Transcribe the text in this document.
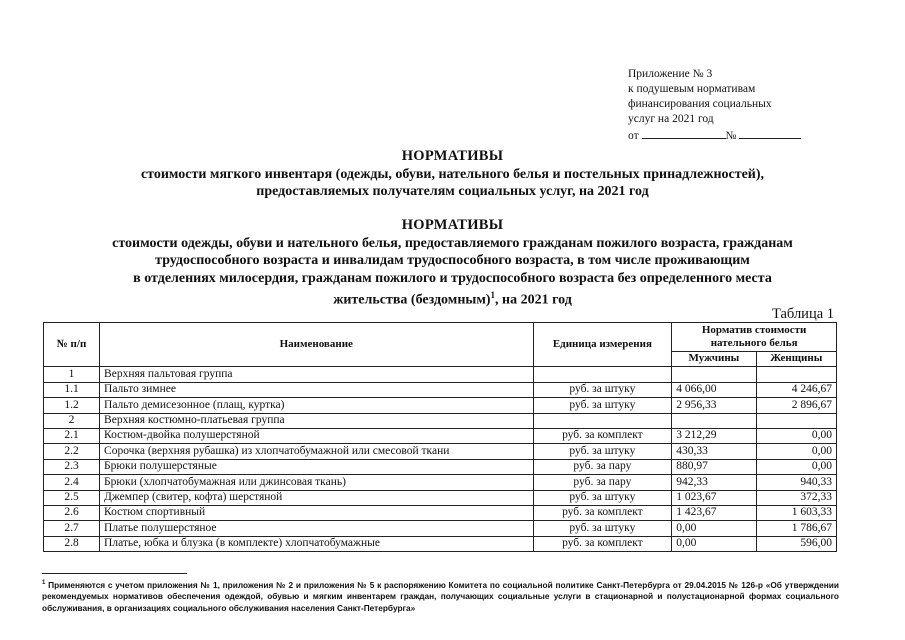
Приложение № 3
к подушевым нормативам
финансирования социальных
услуг на 2021 год
от	№
НОРМАТИВЫ
стоимости мягкого инвентаря (одежды, обуви, нательного белья и постельных принадлежностей),
предоставляемых получателям социальных услуг, на 2021 год
НОРМАТИВЫ
стоимости одежды, обуви и нательного белья, предоставляемого гражданам пожилого возраста, гражданам
трудоспособного возраста и инвалидам трудоспособного возраста, в том числе проживающим
в отделениях милосердия, гражданам пожилого и трудоспособного возраста без определенного места
жительства (бездомным)$^1$, на 2021 год
Таблица 1
№ п/п	Наименование	Единица измерения	Норматив стоимости нательного белья	
			Мужчины	Женщины
1	Верхняя пальтовая группа			
1.1	Пальто зимнее	руб. за штуку	4 066,00	4 246,67
1.2	Пальто демисезонное (плащ, куртка)	руб. за штуку	2 956,33	2 896,67
2	Верхняя костюмно-платьевая группа			
2.1	Костюм-двойка полушерстяной	руб. за комплект	3 212,29	0,00
2.2	Сорочка (верхняя рубашка) из хлопчатобумажной или смесовой ткани	руб. за штуку	430,33	0,00
2.3	Брюки полушерстяные	руб. за пару	880,97	0,00
2.4	Брюки (хлопчатобумажная или джинсовая ткань)	руб. за пару	942,33	940,33
2.5	Джемпер (свитер, кофта) шерстяной	руб. за штуку	1 023,67	372,33
2.6	Костюм спортивный	руб. за комплект	1 423,67	1 603,33
2.7	Платье полушерстяное	руб. за штуку	0,00	1 786,67
2.8	Платье, юбка и блузка (в комплекте) хлопчатобумажные	руб. за комплект	0,00	596,00
$^1$ Применяются с учетом приложения № 1, приложения № 2 и приложения № 5 к распоряжению Комитета по социальной политике Санкт-Петербурга от 29.04.2015 № 126-р «Об утверждении рекомендуемых нормативов обеспечения одеждой, обувью и мягким инвентарем граждан, получающих социальные услуги в стационарной и полустационарной формах социального обслуживания, в организациях социального обслуживания населения Санкт-Петербурга»
